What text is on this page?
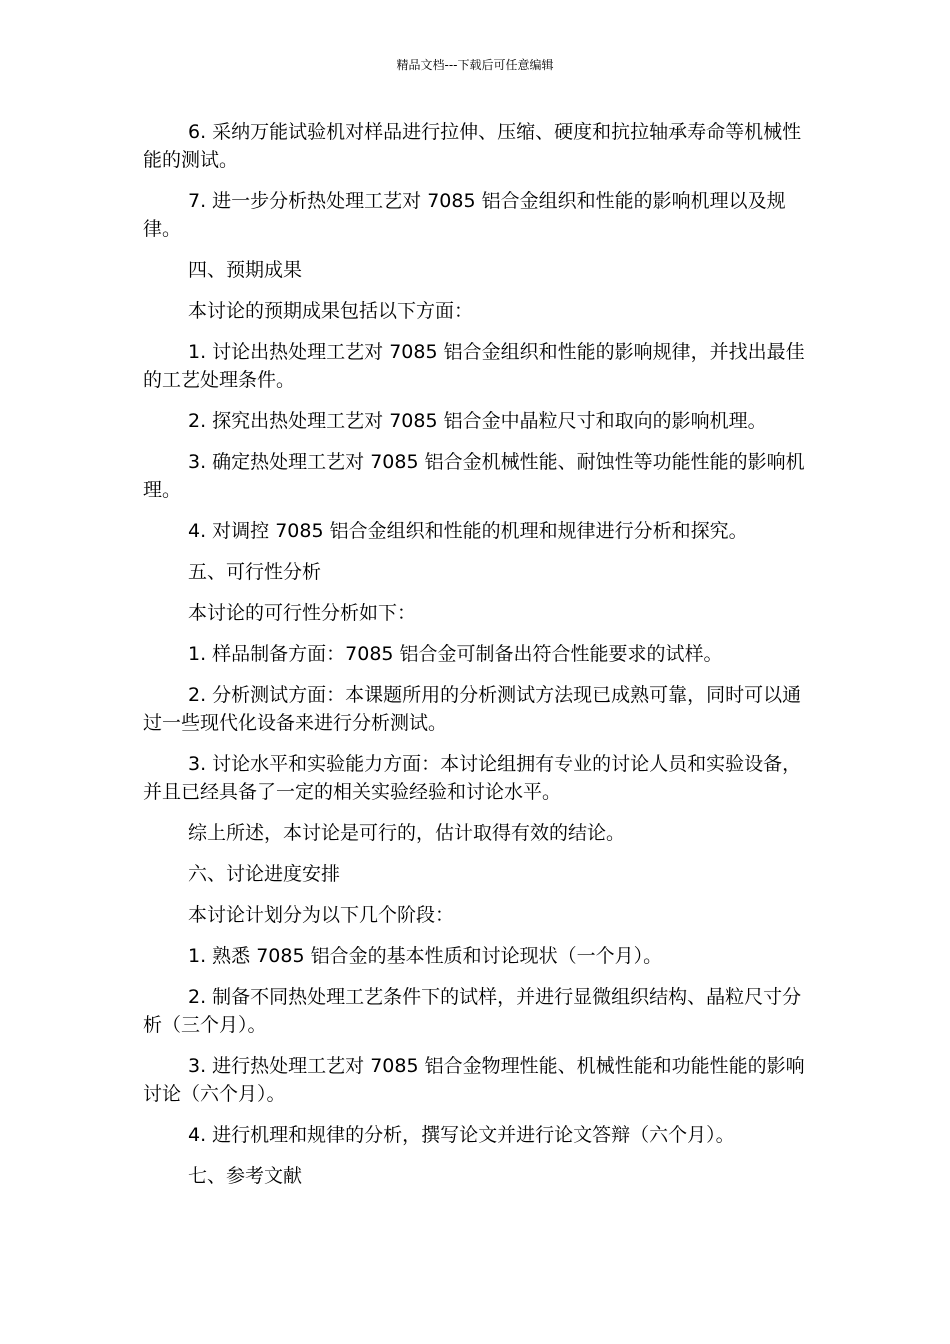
精品文档---下载后可任意编辑

6. 采纳万能试验机对样品进行拉伸、压缩、硬度和抗拉轴承寿命等机械性能的测试。

7. 进一步分析热处理工艺对 7085 铝合金组织和性能的影响机理以及规律。

四、预期成果

本讨论的预期成果包括以下方面：

1. 讨论出热处理工艺对 7085 铝合金组织和性能的影响规律，并找出最佳的工艺处理条件。

2. 探究出热处理工艺对 7085 铝合金中晶粒尺寸和取向的影响机理。

3. 确定热处理工艺对 7085 铝合金机械性能、耐蚀性等功能性能的影响机理。

4. 对调控 7085 铝合金组织和性能的机理和规律进行分析和探究。

五、可行性分析

本讨论的可行性分析如下：

1. 样品制备方面：7085 铝合金可制备出符合性能要求的试样。

2. 分析测试方面：本课题所用的分析测试方法现已成熟可靠，同时可以通过一些现代化设备来进行分析测试。

3. 讨论水平和实验能力方面：本讨论组拥有专业的讨论人员和实验设备，并且已经具备了一定的相关实验经验和讨论水平。

综上所述，本讨论是可行的，估计取得有效的结论。

六、讨论进度安排

本讨论计划分为以下几个阶段：

1. 熟悉 7085 铝合金的基本性质和讨论现状（一个月）。

2. 制备不同热处理工艺条件下的试样，并进行显微组织结构、晶粒尺寸分析（三个月）。

3. 进行热处理工艺对 7085 铝合金物理性能、机械性能和功能性能的影响讨论（六个月）。

4. 进行机理和规律的分析，撰写论文并进行论文答辩（六个月）。

七、参考文献
